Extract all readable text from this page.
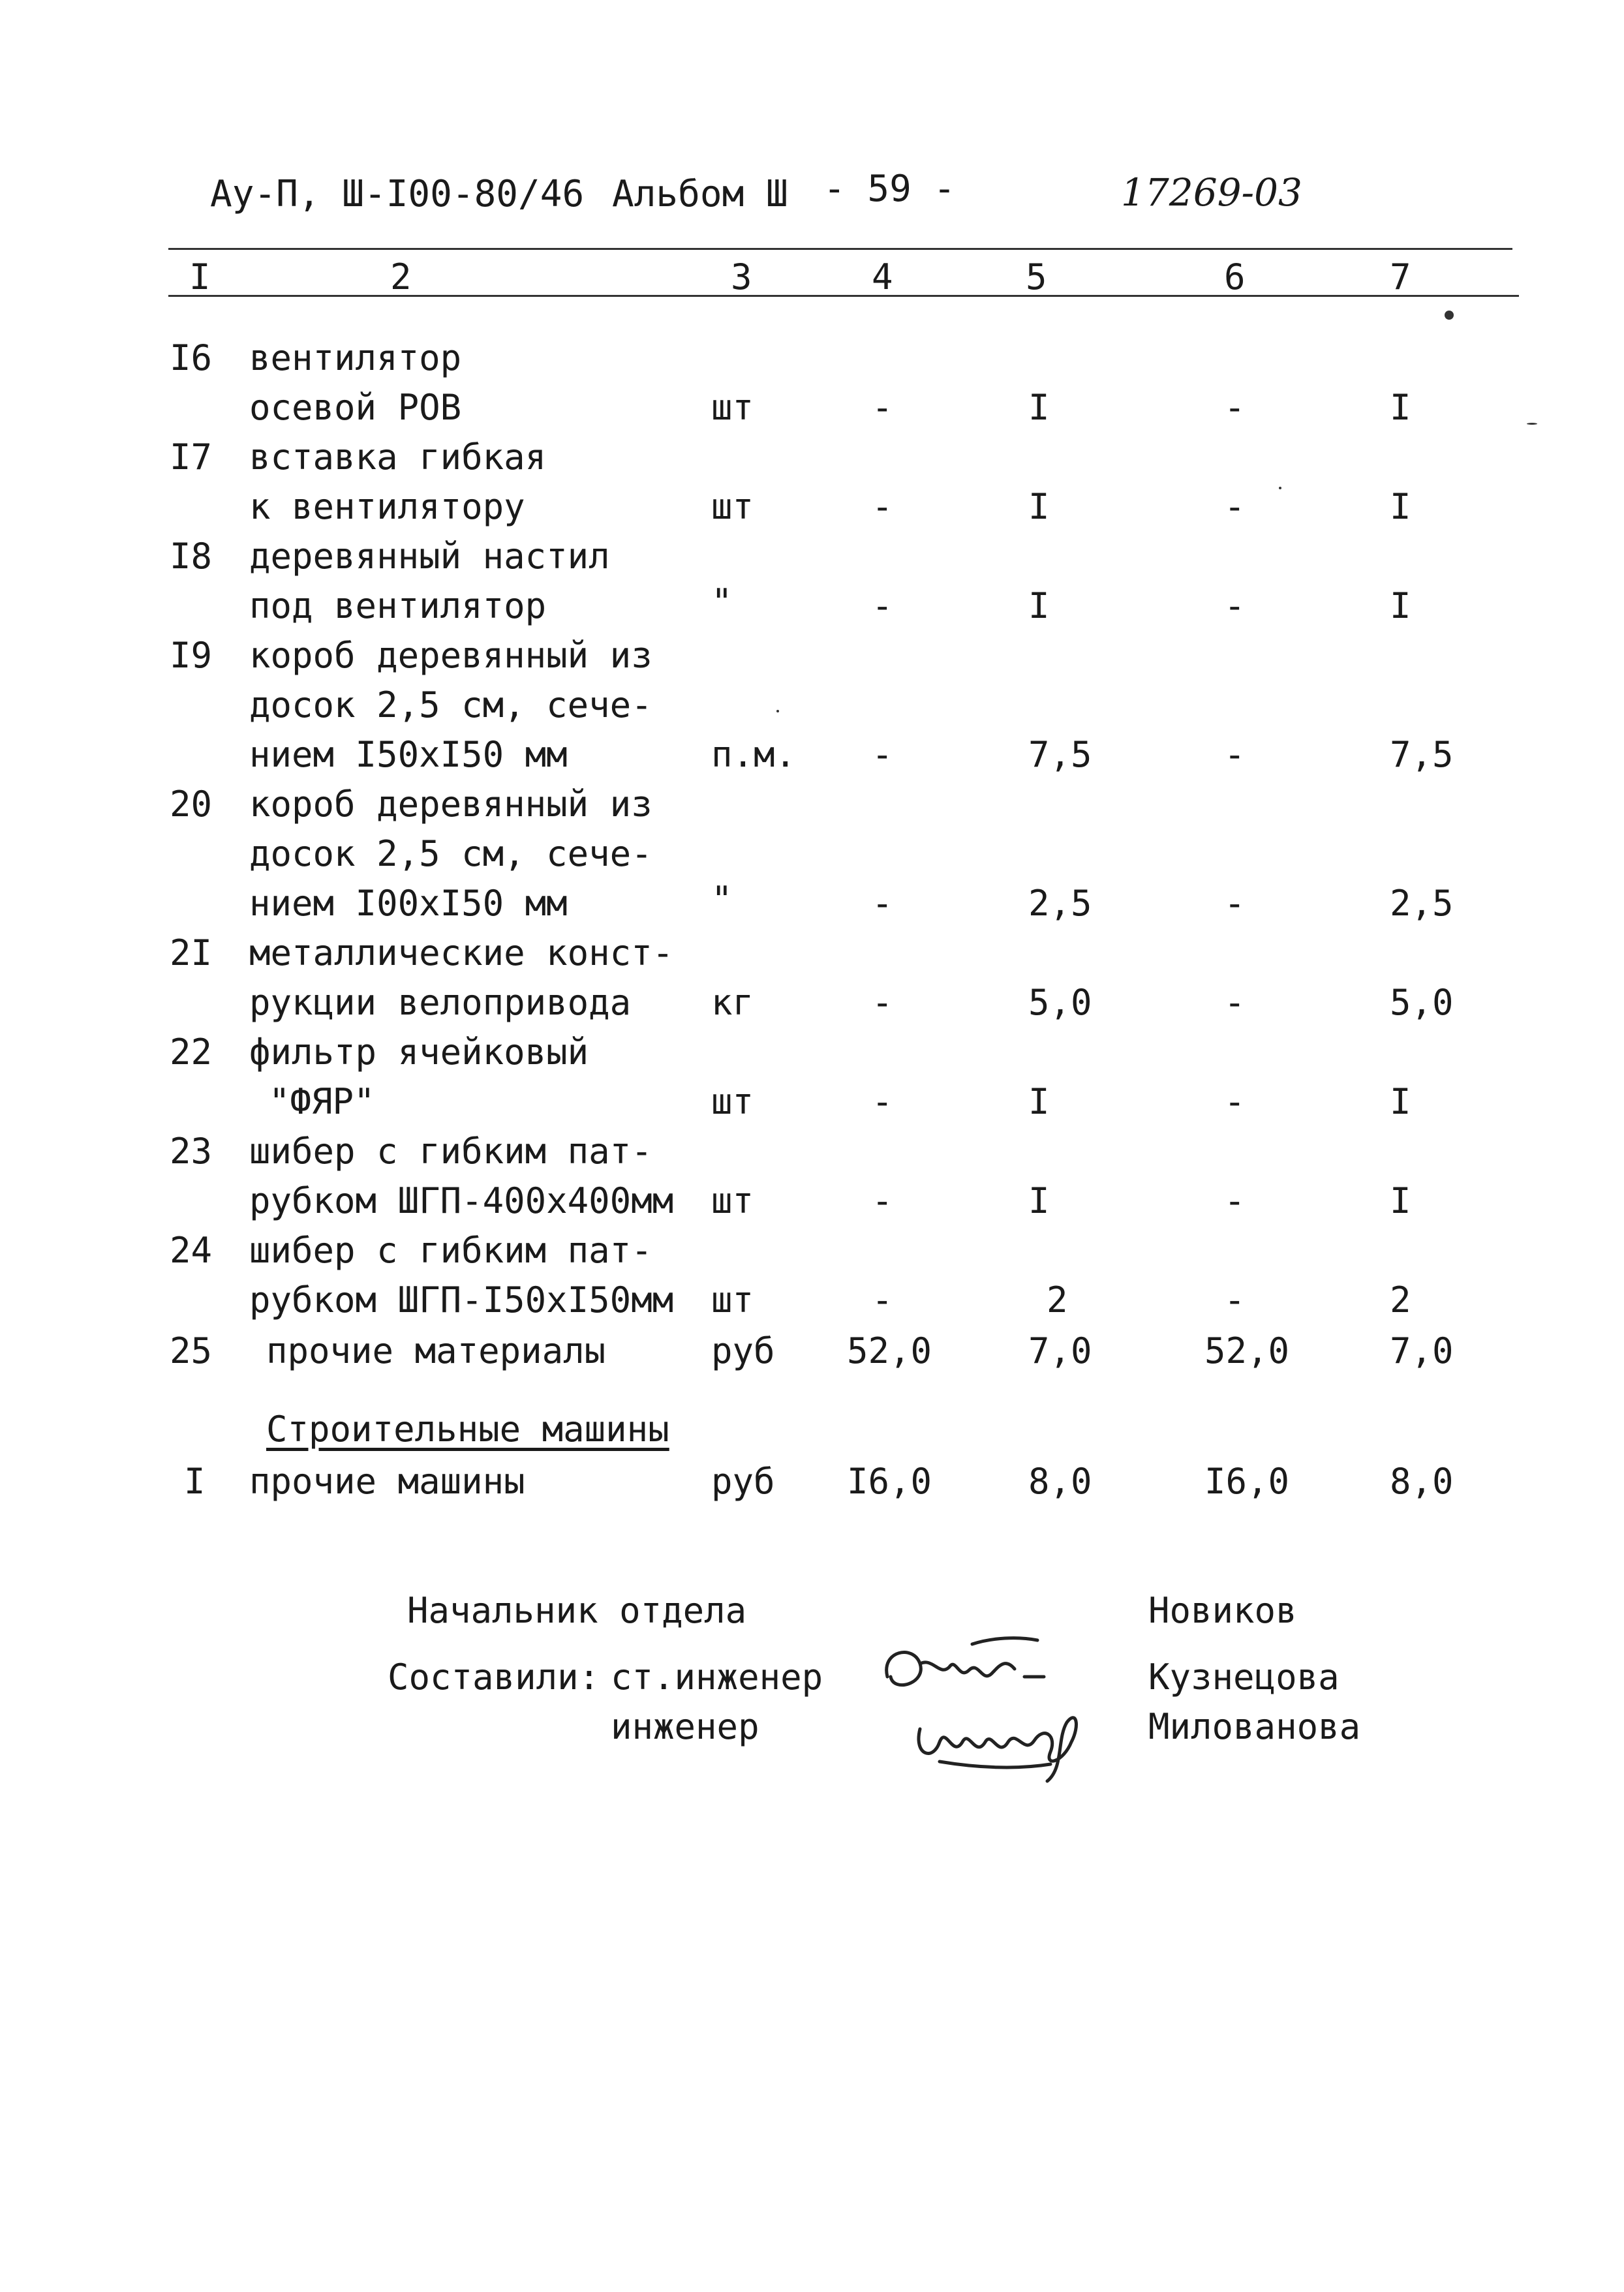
Ау-П, Ш-I00-80/46 Альбом Ш - 59 -	17269-03
I	2	3	4	5	6	7
I6 вентилятор
осевой РОВ	шт	-	I	-	I
I7 вставка гибкая
к вентилятору	шт	-	I	-	I
I8 деревянный настил
под вентилятор	"	-	I	-	I
I9 короб деревянный из
досок 2,5 см, сече-
нием I50xI50 мм	п.м. -	7,5	-	7,5
20 короб деревянный из
досок 2,5 см, сече-
нием I00xI50 мм	"	-	2,5	-	2,5
2I металлические конст-
рукции велопривода кг	-	5,0	-	5,0
22 фильтр ячейковый
"ФЯР"	шт	-	I	-	I
23 шибер с гибким пат-
рубком ШГП-400х400мм шт	-	I	-	I
24 шибер с гибким пат-
рубком ШГП-I50xI50мм шт	-	2	-	2
25 прочие материалы	руб 52,0	7,0	52,0	7,0
Строительные машины
I прочие машины	руб I6,0	8,0	I6,0	8,0
Начальник отдела	Новиков
Составили: ст.инженер	Кузнецова
инженер	Милованова
